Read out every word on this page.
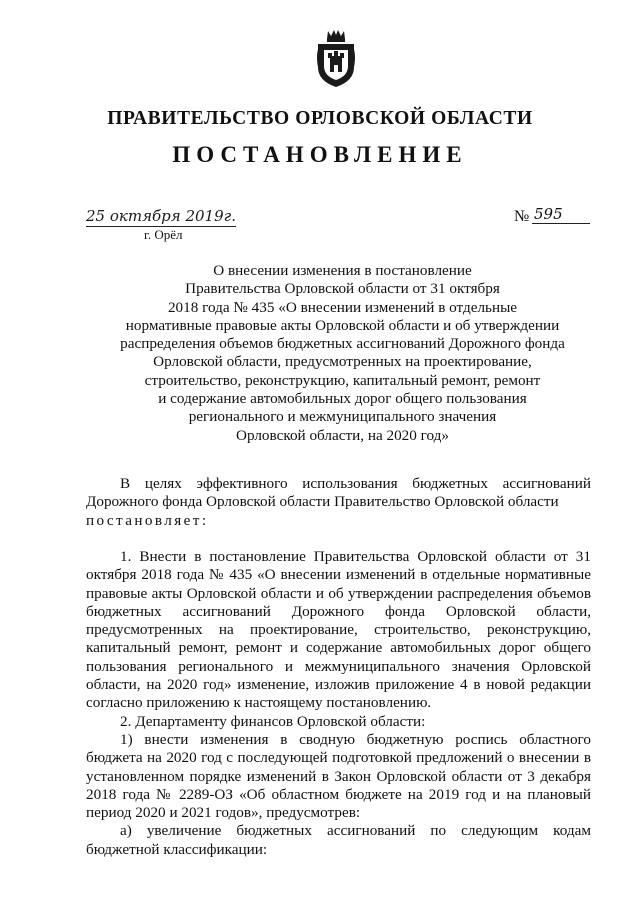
ПРАВИТЕЛЬСТВО ОРЛОВСКОЙ ОБЛАСТИ
ПОСТАНОВЛЕНИЕ
25 октября 2019г.
г. Орёл
№ 595
О внесении изменения в постановление
Правительства Орловской области от 31 октября
2018 года № 435 «О внесении изменений в отдельные
нормативные правовые акты Орловской области и об утверждении
распределения объемов бюджетных ассигнований Дорожного фонда
Орловской области, предусмотренных на проектирование,
строительство, реконструкцию, капитальный ремонт, ремонт
и содержание автомобильных дорог общего пользования
регионального и межмуниципального значения
Орловской области, на 2020 год»

В целях эффективного использования бюджетных ассигнований Дорожного фонда Орловской области Правительство Орловской области

постановляет:

1. Внести в постановление Правительства Орловской области от 31 октября 2018 года № 435 «О внесении изменений в отдельные нормативные правовые акты Орловской области и об утверждении распределения объемов бюджетных ассигнований Дорожного фонда Орловской области, предусмотренных на проектирование, строительство, реконструкцию, капитальный ремонт, ремонт и содержание автомобильных дорог общего пользования регионального и межмуниципального значения Орловской области, на 2020 год» изменение, изложив приложение 4 в новой редакции согласно приложению к настоящему постановлению.

2. Департаменту финансов Орловской области:

1) внести изменения в сводную бюджетную роспись областного бюджета на 2020 год с последующей подготовкой предложений о внесении в установленном порядке изменений в Закон Орловской области от 3 декабря 2018 года № 2289-ОЗ «Об областном бюджете на 2019 год и на плановый период 2020 и 2021 годов», предусмотрев:

а) увеличение бюджетных ассигнований по следующим кодам бюджетной классификации:
